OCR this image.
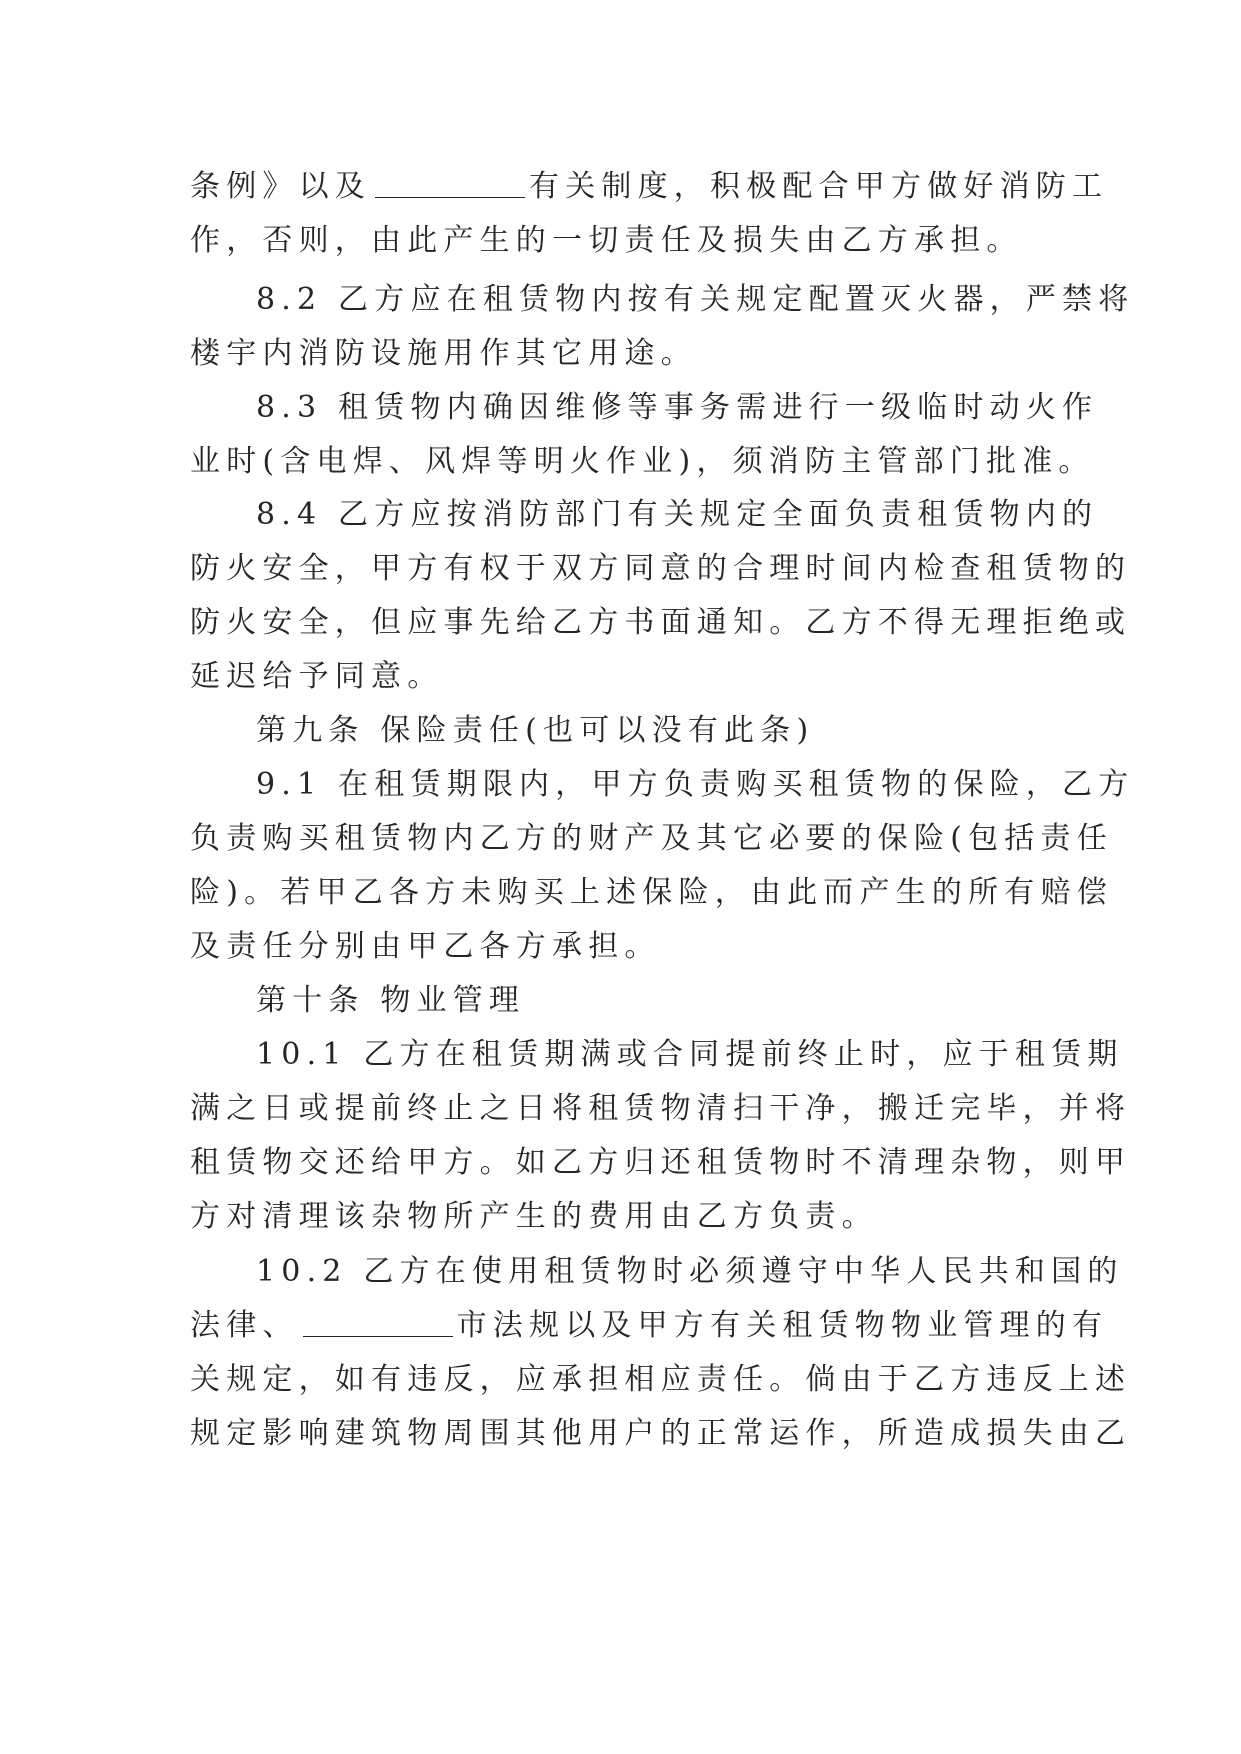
条例》以及	有关制度，积极配合甲方做好消防工
作，否则，由此产生的一切责任及损失由乙方承担。
8.2 乙方应在租赁物内按有关规定配置灭火器，严禁将
楼宇内消防设施用作其它用途。
8.3 租赁物内确因维修等事务需进行一级临时动火作
业时(含电焊、风焊等明火作业)，须消防主管部门批准。
8.4 乙方应按消防部门有关规定全面负责租赁物内的
防火安全，甲方有权于双方同意的合理时间内检查租赁物的
防火安全，但应事先给乙方书面通知。乙方不得无理拒绝或
延迟给予同意。
第九条 保险责任(也可以没有此条)
9.1 在租赁期限内，甲方负责购买租赁物的保险，乙方
负责购买租赁物内乙方的财产及其它必要的保险(包括责任
险)。若甲乙各方未购买上述保险，由此而产生的所有赔偿
及责任分别由甲乙各方承担。
第十条 物业管理
10.1 乙方在租赁期满或合同提前终止时，应于租赁期
满之日或提前终止之日将租赁物清扫干净，搬迁完毕，并将
租赁物交还给甲方。如乙方归还租赁物时不清理杂物，则甲
方对清理该杂物所产生的费用由乙方负责。
10.2 乙方在使用租赁物时必须遵守中华人民共和国的
法律、	市法规以及甲方有关租赁物物业管理的有
关规定，如有违反，应承担相应责任。倘由于乙方违反上述
规定影响建筑物周围其他用户的正常运作，所造成损失由乙
